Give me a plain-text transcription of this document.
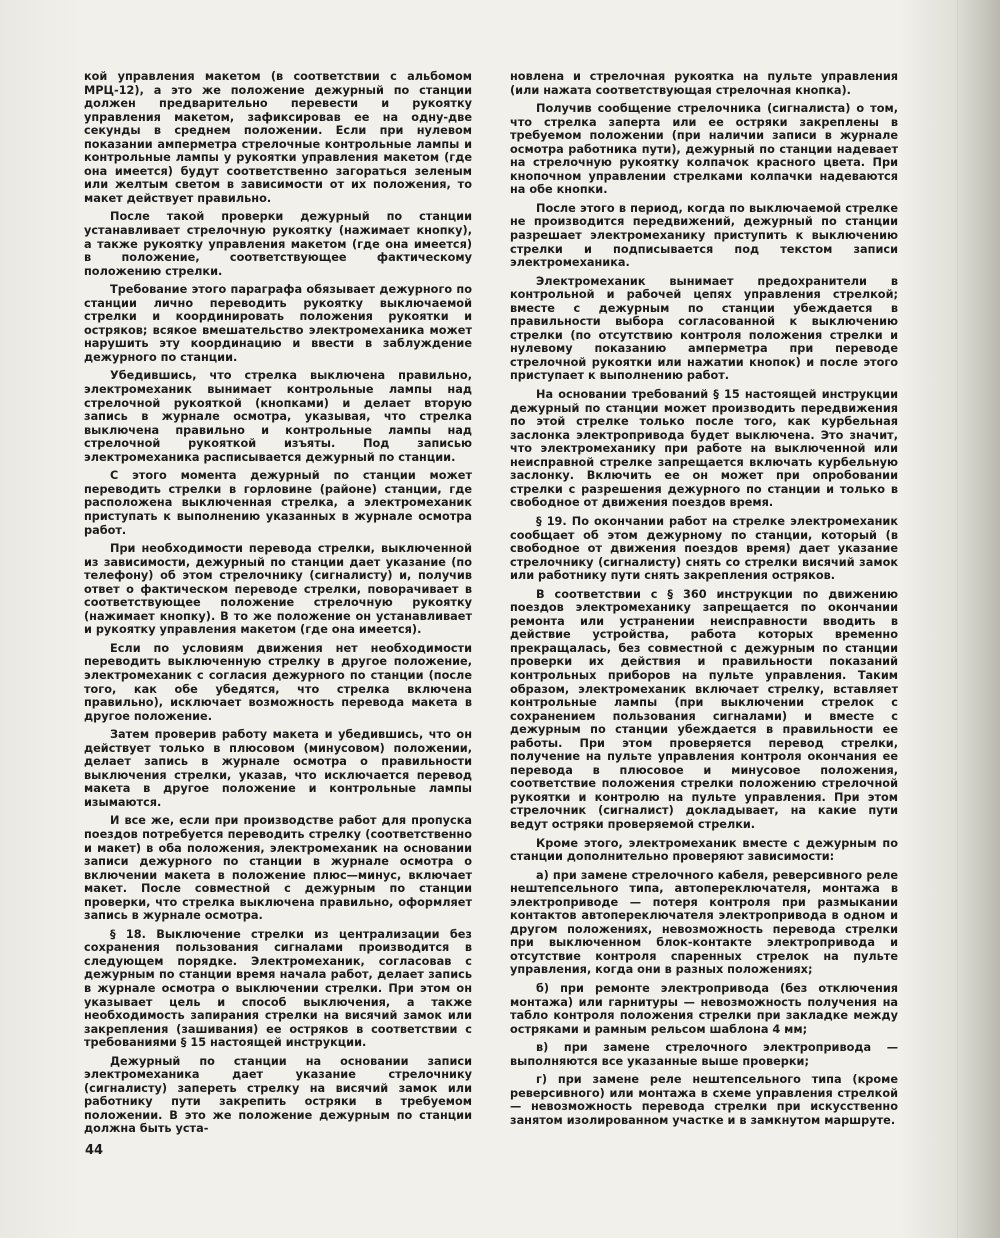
кой управления макетом (в соответствии с альбомом МРЦ-12), а это же положение дежурный по станции должен предварительно перевести и рукоятку управления макетом, зафиксировав ее на одну-две секунды в среднем положении. Если при нулевом показании амперметра стрелочные контрольные лампы и контрольные лампы у рукоятки управления макетом (где она имеется) будут соответственно загораться зеленым или желтым светом в зависимости от их положения, то макет действует правильно.

После такой проверки дежурный по станции устанавливает стрелочную рукоятку (нажимает кнопку), а также рукоятку управления макетом (где она имеется) в положение, соответствующее фактическому положению стрелки.

Требование этого параграфа обязывает дежурного по станции лично переводить рукоятку выключаемой стрелки и координировать положения рукоятки и остряков; всякое вмешательство электромеханика может нарушить эту координацию и ввести в заблуждение дежурного по станции.

Убедившись, что стрелка выключена правильно, электромеханик вынимает контрольные лампы над стрелочной рукояткой (кнопками) и делает вторую запись в журнале осмотра, указывая, что стрелка выключена правильно и контрольные лампы над стрелочной рукояткой изъяты. Под записью электромеханика расписывается дежурный по станции.

С этого момента дежурный по станции может переводить стрелки в горловине (районе) станции, где расположена выключенная стрелка, а электромеханик приступать к выполнению указанных в журнале осмотра работ.

При необходимости перевода стрелки, выключенной из зависимости, дежурный по станции дает указание (по телефону) об этом стрелочнику (сигналисту) и, получив ответ о фактическом переводе стрелки, поворачивает в соответствующее положение стрелочную рукоятку (нажимает кнопку). В то же положение он устанавливает и рукоятку управления макетом (где она имеется).

Если по условиям движения нет необходимости переводить выключенную стрелку в другое положение, электромеханик с согласия дежурного по станции (после того, как обе убедятся, что стрелка включена правильно), исключает возможность перевода макета в другое положение.

Затем проверив работу макета и убедившись, что он действует только в плюсовом (минусовом) положении, делает запись в журнале осмотра о правильности выключения стрелки, указав, что исключается перевод макета в другое положение и контрольные лампы изымаются.

И все же, если при производстве работ для пропуска поездов потребуется переводить стрелку (соответственно и макет) в оба положения, электромеханик на основании записи дежурного по станции в журнале осмотра о включении макета в положение плюс—минус, включает макет. После совместной с дежурным по станции проверки, что стрелка выключена правильно, оформляет запись в журнале осмотра.

§ 18. Выключение стрелки из централизации без сохранения пользования сигналами производится в следующем порядке. Электромеханик, согласовав с дежурным по станции время начала работ, делает запись в журнале осмотра о выключении стрелки. При этом он указывает цель и способ выключения, а также необходимость запирания стрелки на висячий замок или закрепления (зашивания) ее остряков в соответствии с требованиями § 15 настоящей инструкции.

Дежурный по станции на основании записи электромеханика дает указание стрелочнику (сигналисту) запереть стрелку на висячий замок или работнику пути закрепить остряки в требуемом положении. В это же положение дежурным по станции должна быть уста-

новлена и стрелочная рукоятка на пульте управления (или нажата соответствующая стрелочная кнопка).

Получив сообщение стрелочника (сигналиста) о том, что стрелка заперта или ее остряки закреплены в требуемом положении (при наличии записи в журнале осмотра работника пути), дежурный по станции надевает на стрелочную рукоятку колпачок красного цвета. При кнопочном управлении стрелками колпачки надеваются на обе кнопки.

После этого в период, когда по выключаемой стрелке не производится передвижений, дежурный по станции разрешает электромеханику приступить к выключению стрелки и подписывается под текстом записи электромеханика.

Электромеханик вынимает предохранители в контрольной и рабочей цепях управления стрелкой; вместе с дежурным по станции убеждается в правильности выбора согласованной к выключению стрелки (по отсутствию контроля положения стрелки и нулевому показанию амперметра при переводе стрелочной рукоятки или нажатии кнопок) и после этого приступает к выполнению работ.

На основании требований § 15 настоящей инструкции дежурный по станции может производить передвижения по этой стрелке только после того, как курбельная заслонка электропривода будет выключена. Это значит, что электромеханику при работе на выключенной или неисправной стрелке запрещается включать курбельную заслонку. Включить ее он может при опробовании стрелки с разрешения дежурного по станции и только в свободное от движения поездов время.

§ 19. По окончании работ на стрелке электромеханик сообщает об этом дежурному по станции, который (в свободное от движения поездов время) дает указание стрелочнику (сигналисту) снять со стрелки висячий замок или работнику пути снять закрепления остряков.

В соответствии с § 360 инструкции по движению поездов электромеханику запрещается по окончании ремонта или устранении неисправности вводить в действие устройства, работа которых временно прекращалась, без совместной с дежурным по станции проверки их действия и правильности показаний контрольных приборов на пульте управления. Таким образом, электромеханик включает стрелку, вставляет контрольные лампы (при выключении стрелок с сохранением пользования сигналами) и вместе с дежурным по станции убеждается в правильности ее работы. При этом проверяется перевод стрелки, получение на пульте управления контроля окончания ее перевода в плюсовое и минусовое положения, соответствие положения стрелки положению стрелочной рукоятки и контролю на пульте управления. При этом стрелочник (сигналист) докладывает, на какие пути ведут остряки проверяемой стрелки.

Кроме этого, электромеханик вместе с дежурным по станции дополнительно проверяют зависимости:

а) при замене стрелочного кабеля, реверсивного реле нештепсельного типа, автопереключателя, монтажа в электроприводе — потеря контроля при размыкании контактов автопереключателя электропривода в одном и другом положениях, невозможность перевода стрелки при выключенном блок-контакте электропривода и отсутствие контроля спаренных стрелок на пульте управления, когда они в разных положениях;

б) при ремонте электропривода (без отключения монтажа) или гарнитуры — невозможность получения на табло контроля положения стрелки при закладке между остряками и рамным рельсом шаблона 4 мм;

в) при замене стрелочного электропривода — выполняются все указанные выше проверки;

г) при замене реле нештепсельного типа (кроме реверсивного) или монтажа в схеме управления стрелкой — невозможность перевода стрелки при искусственно занятом изолированном участке и в замкнутом маршруте.

44
